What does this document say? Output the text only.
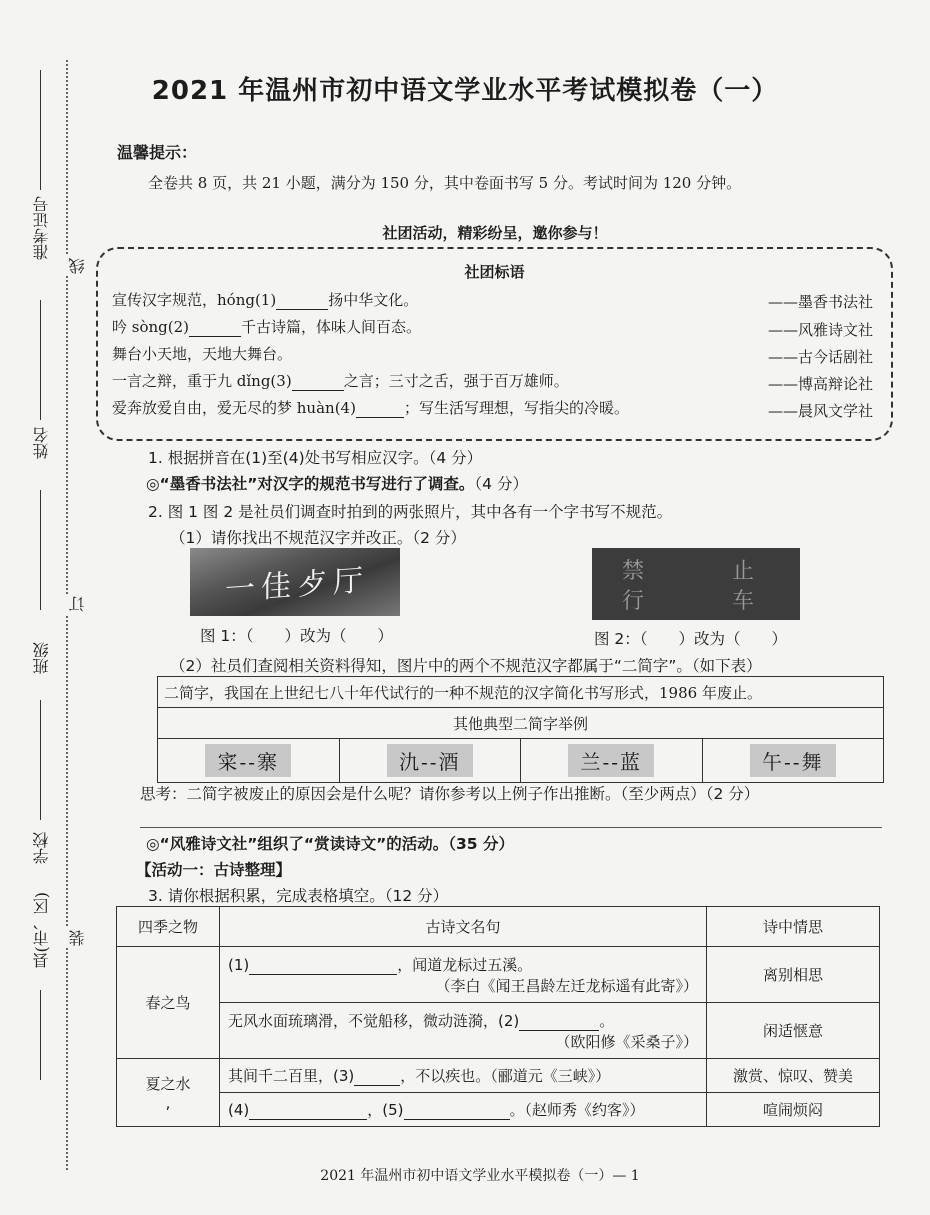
准考证号
姓名
班级
学校
县(市、区)
线
订
装
2021 年温州市初中语文学业水平考试模拟卷（一）
温馨提示：
全卷共 8 页，共 21 小题，满分为 150 分，其中卷面书写 5 分。考试时间为 120 分钟。
社团活动，精彩纷呈，邀你参与！
社团标语
宣传汉字规范，hóng(1)	扬中华文化。	——墨香书法社
吟 sòng(2)	千古诗篇，体味人间百态。	——风雅诗文社
舞台小天地，天地大舞台。	——古今话剧社
一言之辩，重于九 dǐng(3)	之言；三寸之舌，强于百万雄师。	——博高辩论社
爱奔放爱自由，爱无尽的梦 huàn(4)	；写生活写理想，写指尖的冷暖。	——晨风文学社
1. 根据拼音在(1)至(4)处书写相应汉字。（4 分）
◎“墨香书法社”对汉字的规范书写进行了调查。（4 分）
2. 图 1 图 2 是社员们调查时拍到的两张照片，其中各有一个字书写不规范。
（1）请你找出不规范汉字并改正。（2 分）
一佳歺厅	禁	止
行	车
图 1：（　　）改为（　　）	图 2：（　　）改为（　　）
（2）社员们查阅相关资料得知，图片中的两个不规范汉字都属于“二简字”。（如下表）
二简字，我国在上世纪七八十年代试行的一种不规范的汉字简化书写形式，1986 年废止。
其他典型二简字举例
寀--寨	氿--酒	兰--蓝	午--舞
思考：二简字被废止的原因会是什么呢？请你参考以上例子作出推断。（至少两点）（2 分）
◎“风雅诗文社”组织了“赏读诗文”的活动。（35 分）
【活动一：古诗整理】
3. 请你根据积累，完成表格填空。（12 分）
四季之物	古诗文名句	诗中情思
春之鸟	(1) ，闻道龙标过五溪。
（李白《闻王昌龄左迁龙标遥有此寄》）	离别相思

	无风水面琉璃滑，不觉船移，微动涟漪，(2) 。
（欧阳修《采桑子》）	闲适惬意

夏之水
,	其间千二百里，(3) ，不以疾也。（郦道元《三峡》）	激赏、惊叹、赞美
	(4) ，(5) 。（赵师秀《约客》）	喧闹烦闷
2021 年温州市初中语文学业水平模拟卷（一）— 1
